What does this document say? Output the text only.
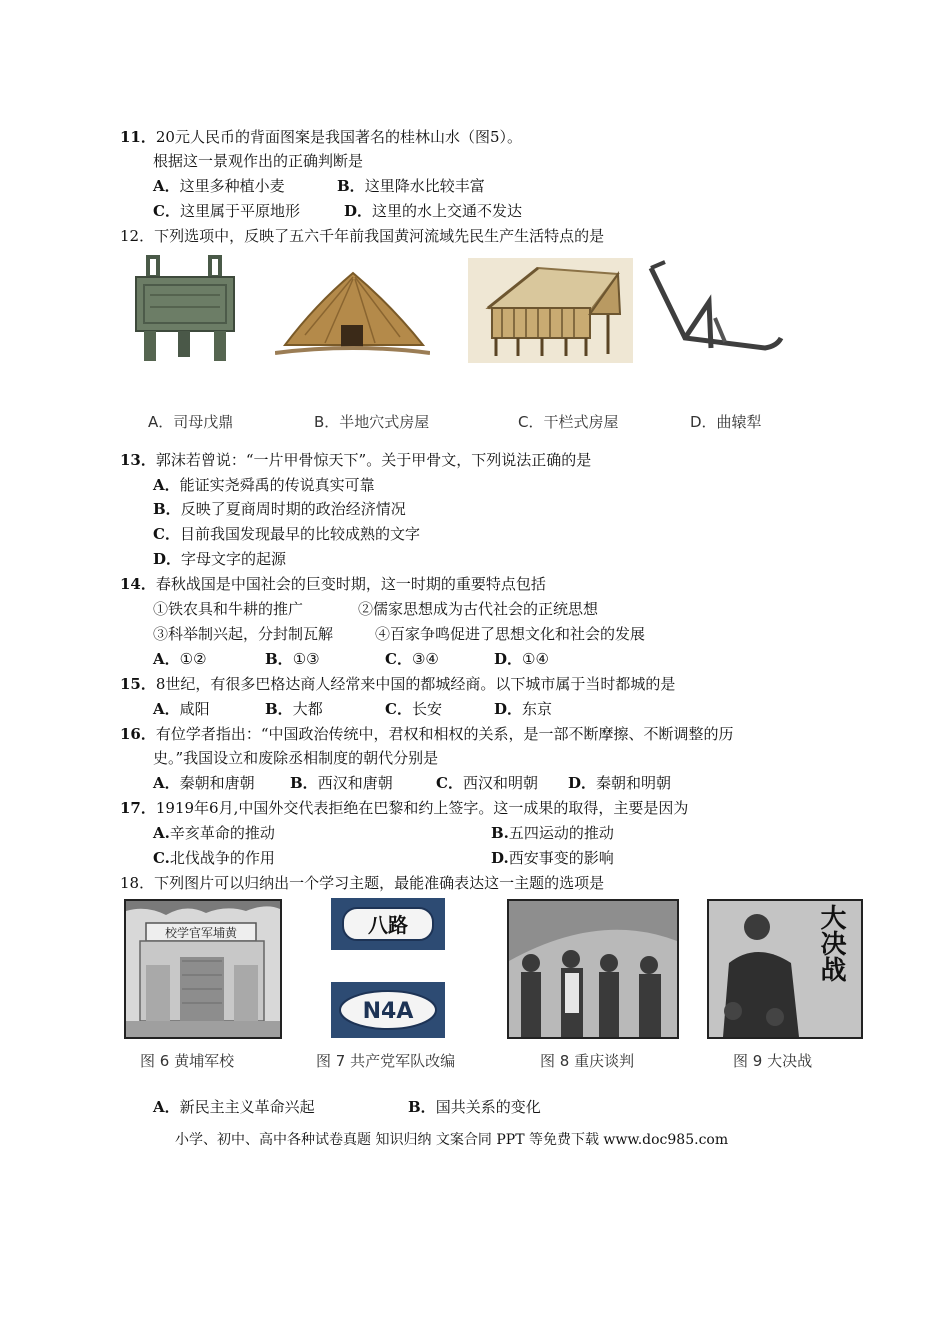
11．20元人民币的背面图案是我国著名的桂林山水（图5）。
根据这一景观作出的正确判断是
A．这里多种植小麦	B．这里降水比较丰富
C．这里属于平原地形	D．这里的水上交通不发达
12．下列选项中，反映了五六千年前我国黄河流域先民生产生活特点的是
A．司母戊鼎	B．半地穴式房屋	C．干栏式房屋	D．曲辕犁
13．郭沫若曾说：“一片甲骨惊天下”。关于甲骨文，下列说法正确的是
A．能证实尧舜禹的传说真实可靠
B．反映了夏商周时期的政治经济情况
C．目前我国发现最早的比较成熟的文字
D．字母文字的起源
14．春秋战国是中国社会的巨变时期，这一时期的重要特点包括
①铁农具和牛耕的推广	②儒家思想成为古代社会的正统思想
③科举制兴起，分封制瓦解	④百家争鸣促进了思想文化和社会的发展
A．①②	B．①③	C．③④	D．①④
15．8世纪，有很多巴格达商人经常来中国的都城经商。以下城市属于当时都城的是
A．咸阳	B．大都	C．长安	D．东京
16．有位学者指出：“中国政治传统中，君权和相权的关系，是一部不断摩擦、不断调整的历
史。”我国设立和废除丞相制度的朝代分别是
A．秦朝和唐朝 B．西汉和唐朝	C．西汉和明朝 D．秦朝和明朝
17．1919年6月,中国外交代表拒绝在巴黎和约上签字。这一成果的取得，主要是因为
A.辛亥革命的推动	B.五四运动的推动
C.北伐战争的作用	D.西安事变的影响
18．下列图片可以归纳出一个学习主题，最能准确表达这一主题的选项是
校学官军埔黄	八路
N4A
大决战
图 6 黄埔军校	图 7 共产党军队改编	图 8 重庆谈判	图 9 大决战
A．新民主主义革命兴起	B．国共关系的变化
小学、初中、高中各种试卷真题 知识归纳 文案合同 PPT 等免费下载 www.doc985.com
